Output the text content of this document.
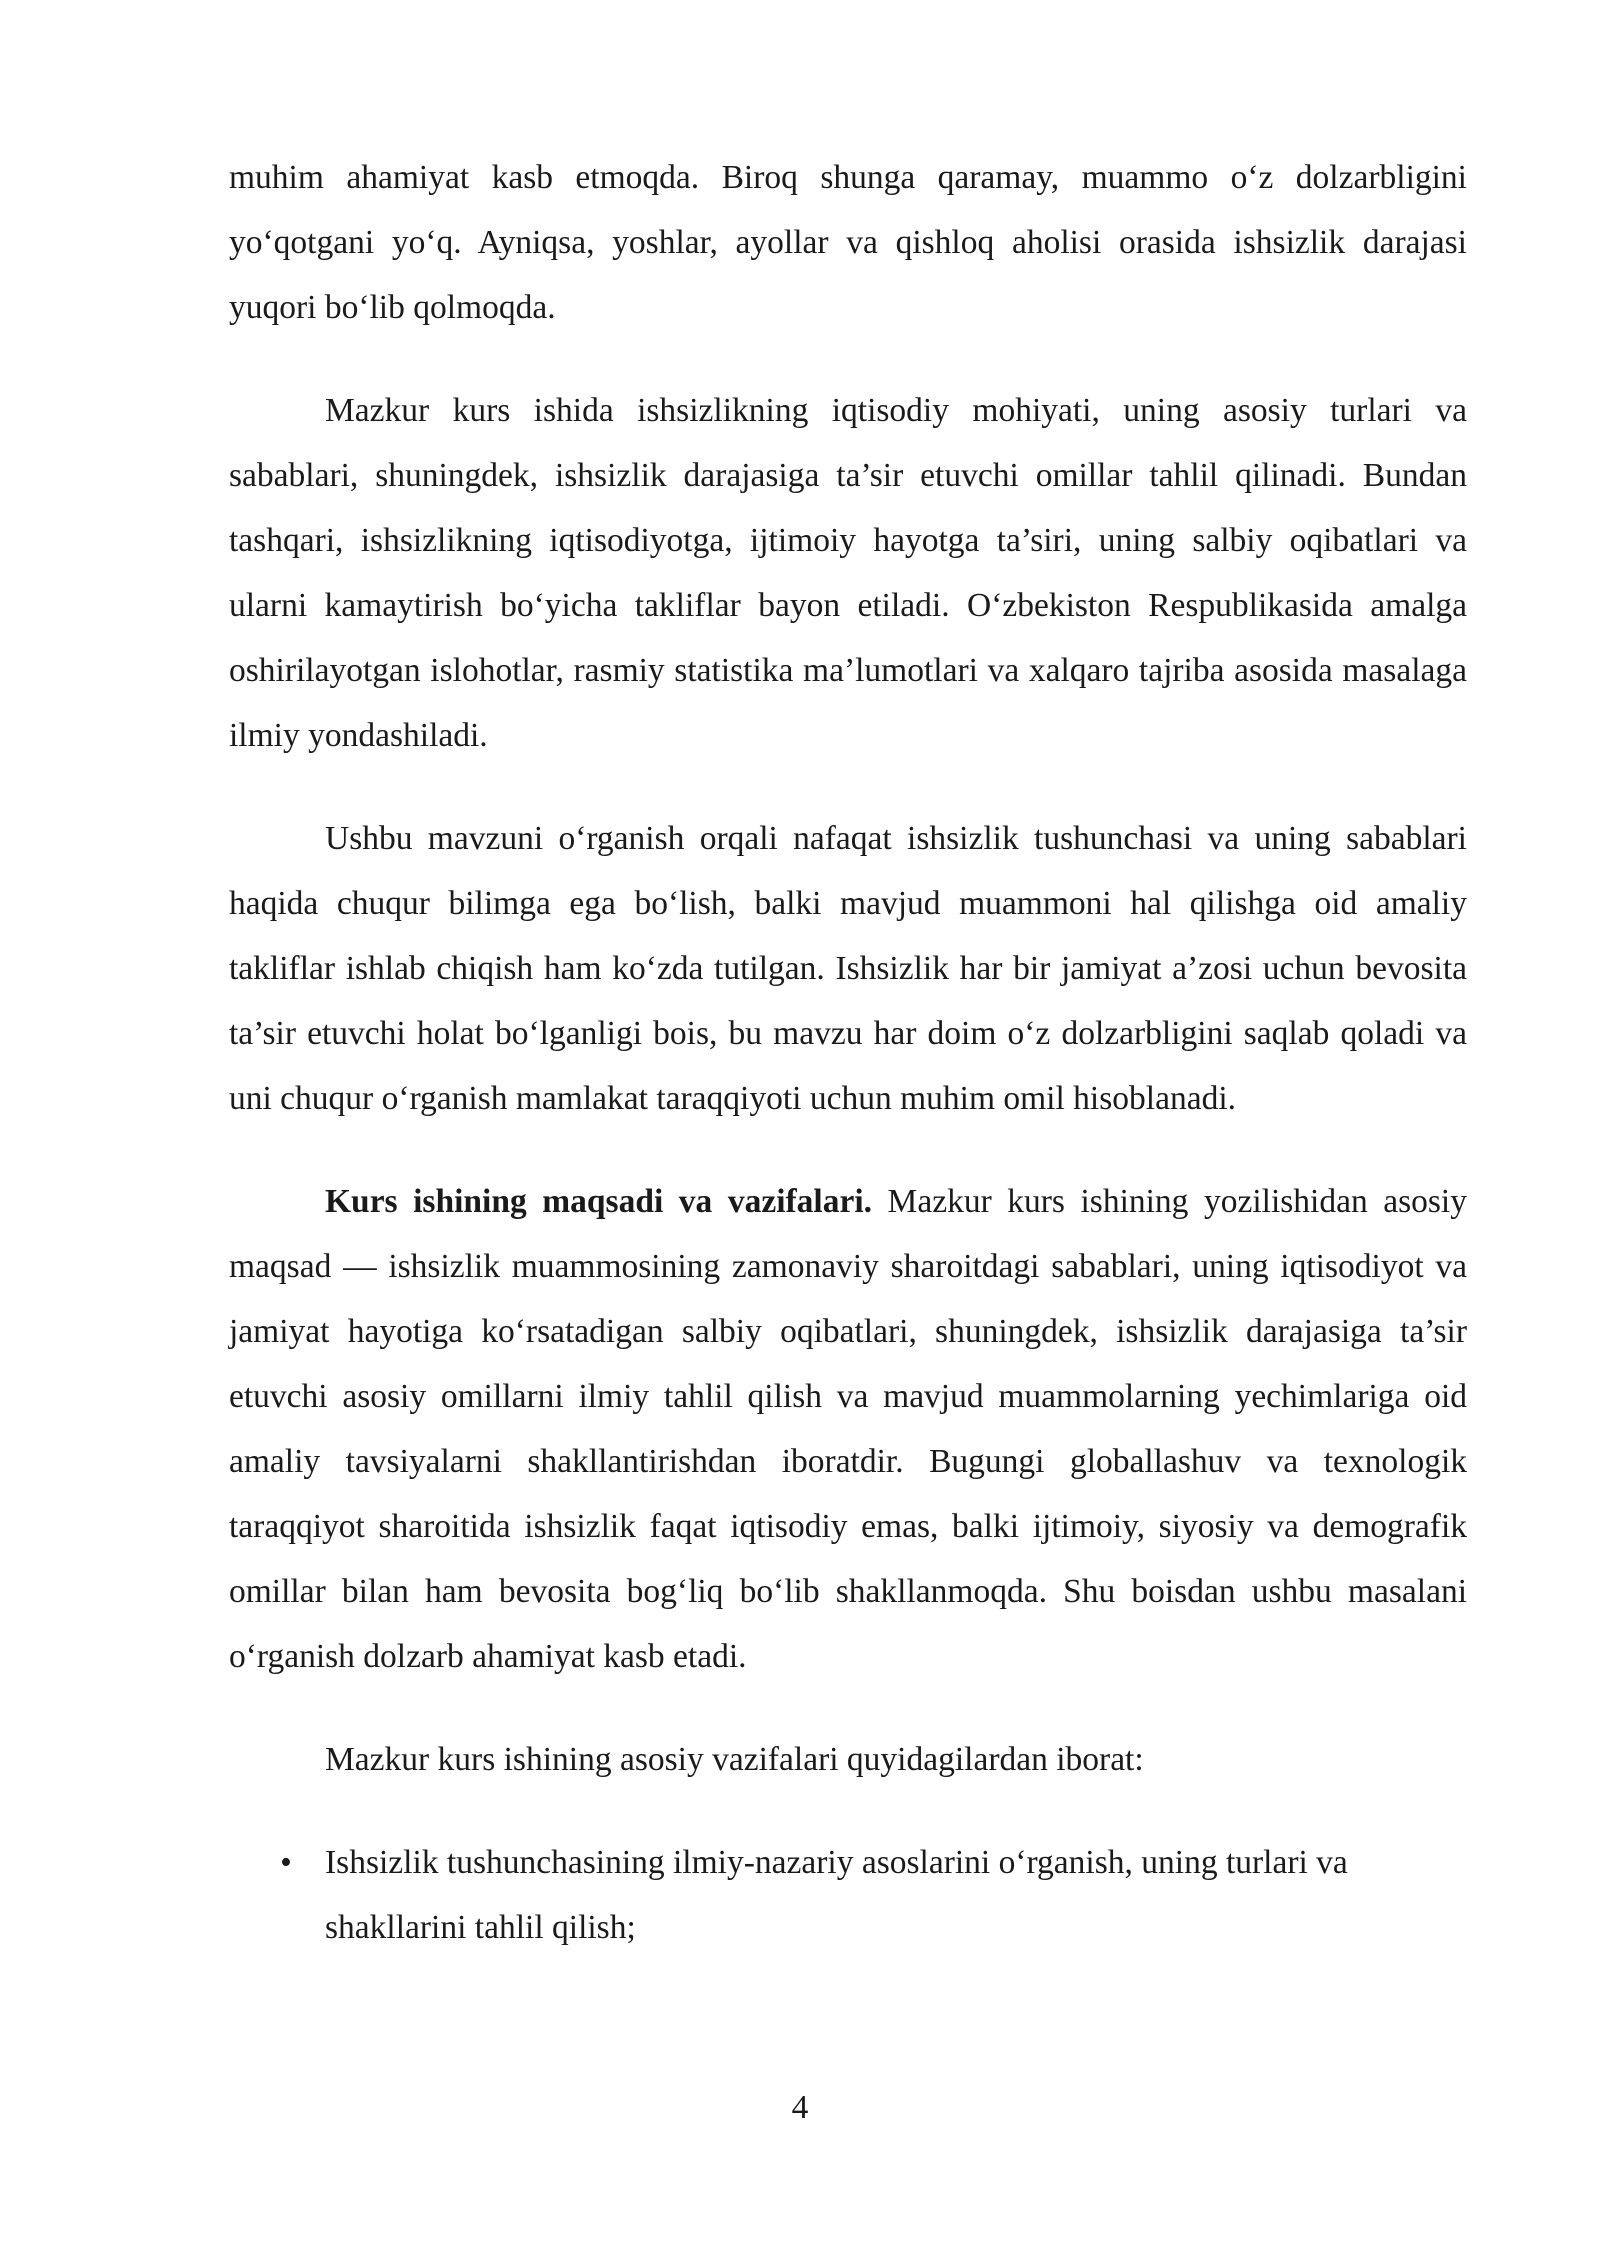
muhim ahamiyat kasb etmoqda. Biroq shunga qaramay, muammo o‘z dolzarbligini yo‘qotgani yo‘q. Ayniqsa, yoshlar, ayollar va qishloq aholisi orasida ishsizlik darajasi yuqori bo‘lib qolmoqda.

Mazkur kurs ishida ishsizlikning iqtisodiy mohiyati, uning asosiy turlari va sabablari, shuningdek, ishsizlik darajasiga ta’sir etuvchi omillar tahlil qilinadi. Bundan tashqari, ishsizlikning iqtisodiyotga, ijtimoiy hayotga ta’siri, uning salbiy oqibatlari va ularni kamaytirish bo‘yicha takliflar bayon etiladi. O‘zbekiston Respublikasida amalga oshirilayotgan islohotlar, rasmiy statistika ma’lumotlari va xalqaro tajriba asosida masalaga ilmiy yondashiladi.

Ushbu mavzuni o‘rganish orqali nafaqat ishsizlik tushunchasi va uning sabablari haqida chuqur bilimga ega bo‘lish, balki mavjud muammoni hal qilishga oid amaliy takliflar ishlab chiqish ham ko‘zda tutilgan. Ishsizlik har bir jamiyat a’zosi uchun bevosita ta’sir etuvchi holat bo‘lganligi bois, bu mavzu har doim o‘z dolzarbligini saqlab qoladi va uni chuqur o‘rganish mamlakat taraqqiyoti uchun muhim omil hisoblanadi.

Kurs ishining maqsadi va vazifalari. Mazkur kurs ishining yozilishidan asosiy maqsad — ishsizlik muammosining zamonaviy sharoitdagi sabablari, uning iqtisodiyot va jamiyat hayotiga ko‘rsatadigan salbiy oqibatlari, shuningdek, ishsizlik darajasiga ta’sir etuvchi asosiy omillarni ilmiy tahlil qilish va mavjud muammolarning yechimlariga oid amaliy tavsiyalarni shakllantirishdan iboratdir. Bugungi globallashuv va texnologik taraqqiyot sharoitida ishsizlik faqat iqtisodiy emas, balki ijtimoiy, siyosiy va demografik omillar bilan ham bevosita bog‘liq bo‘lib shakllanmoqda. Shu boisdan ushbu masalani o‘rganish dolzarb ahamiyat kasb etadi.

Mazkur kurs ishining asosiy vazifalari quyidagilardan iborat:

• Ishsizlik tushunchasining ilmiy-nazariy asoslarini o‘rganish, uning turlari va shakllarini tahlil qilish;
4
